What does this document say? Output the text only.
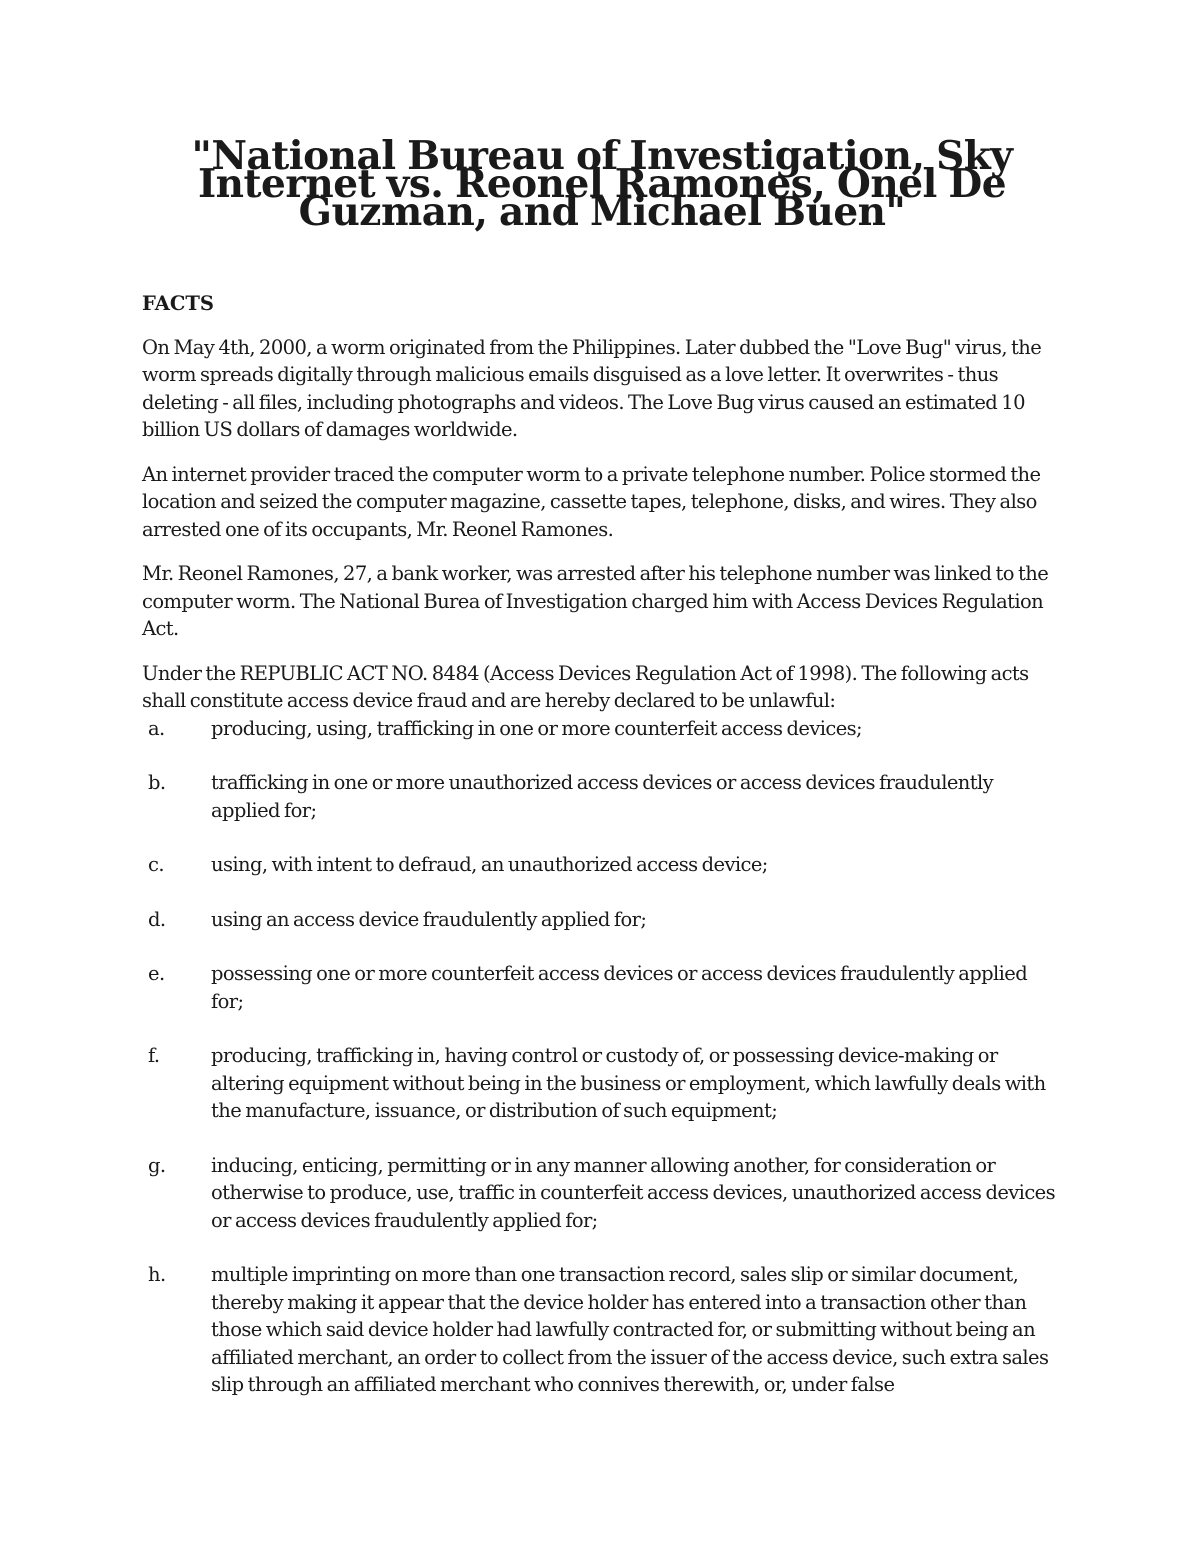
"National Bureau of Investigation, Sky Internet vs. Reonel Ramones, Onel De Guzman, and Michael Buen"
FACTS

On May 4th, 2000, a worm originated from the Philippines. Later dubbed the "Love Bug" virus, the worm spreads digitally through malicious emails disguised as a love letter. It overwrites - thus deleting - all files, including photographs and videos. The Love Bug virus caused an estimated 10 billion US dollars of damages worldwide.

An internet provider traced the computer worm to a private telephone number. Police stormed the location and seized the computer magazine, cassette tapes, telephone, disks, and wires. They also arrested one of its occupants, Mr. Reonel Ramones.

Mr. Reonel Ramones, 27, a bank worker, was arrested after his telephone number was linked to the computer worm. The National Burea of Investigation charged him with Access Devices Regulation Act.

Under the REPUBLIC ACT NO. 8484 (Access Devices Regulation Act of 1998). The following acts shall constitute access device fraud and are hereby declared to be unlawful:

a. producing, using, trafficking in one or more counterfeit access devices;
b. trafficking in one or more unauthorized access devices or access devices fraudulently applied for;
c. using, with intent to defraud, an unauthorized access device;
d. using an access device fraudulently applied for;
e. possessing one or more counterfeit access devices or access devices fraudulently applied for;
f.	producing, trafficking in, having control or custody of, or possessing device-making or altering equipment without being in the business or employment, which lawfully deals with the manufacture, issuance, or distribution of such equipment;
g. inducing, enticing, permitting or in any manner allowing another, for consideration or otherwise to produce, use, traffic in counterfeit access devices, unauthorized access devices or access devices fraudulently applied for;
h. multiple imprinting on more than one transaction record, sales slip or similar document, thereby making it appear that the device holder has entered into a transaction other than those which said device holder had lawfully contracted for, or submitting without being an affiliated merchant, an order to collect from the issuer of the access device, such extra sales slip through an affiliated merchant who connives therewith, or, under false
